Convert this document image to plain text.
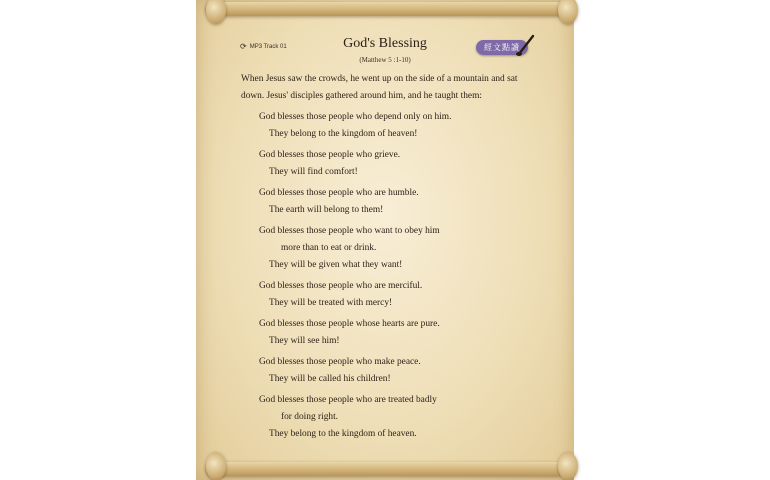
⟳ MP3 Track 01	God's Blessing
(Matthew 5 :1-10)
經文點讀
When Jesus saw the crowds, he went up on the side of a mountain and sat
down. Jesus' disciples gathered around him, and he taught them:
God blesses those people who depend only on him.
They belong to the kingdom of heaven!
God blesses those people who grieve.
They will find comfort!
God blesses those people who are humble.
The earth will belong to them!
God blesses those people who want to obey him
more than to eat or drink.
They will be given what they want!
God blesses those people who are merciful.
They will be treated with mercy!
God blesses those people whose hearts are pure.
They will see him!
God blesses those people who make peace.
They will be called his children!
God blesses those people who are treated badly
for doing right.
They belong to the kingdom of heaven.
